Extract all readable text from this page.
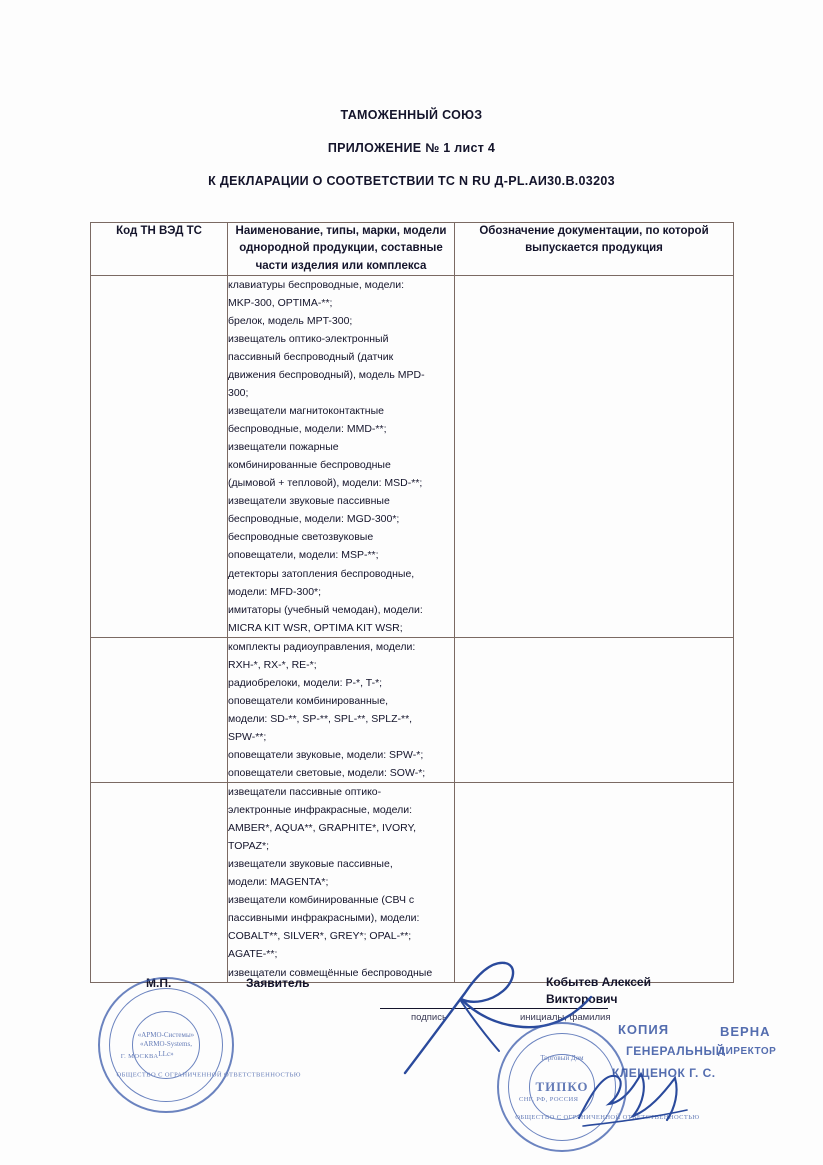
ТАМОЖЕННЫЙ СОЮЗ
ПРИЛОЖЕНИЕ № 1 лист 4
К ДЕКЛАРАЦИИ О СООТВЕТСТВИИ ТС N RU Д-PL.АИ30.В.03203
Код ТН ВЭД ТС	Наименование, типы, марки, модели однородной продукции, составные части изделия или комплекса	Обозначение документации, по которой выпускается продукция

клавиатуры беспроводные, модели:

MKP-300, OPTIMA-**;

брелок, модель MPT-300;

извещатель оптико-электронный

пассивный беспроводный (датчик

движения беспроводный), модель MPD-

300;

извещатели магнитоконтактные

беспроводные, модели: MMD-**;

извещатели пожарные

комбинированные беспроводные

(дымовой + тепловой), модели: MSD-**;

извещатели звуковые пассивные

беспроводные, модели: MGD-300*;

беспроводные светозвуковые

оповещатели, модели: MSP-**;

детекторы затопления беспроводные,

модели: MFD-300*;

имитаторы (учебный чемодан), модели:

MICRA KIT WSR, OPTIMA KIT WSR;

комплекты радиоуправления, модели:

RXH-*, RX-*, RE-*;

радиобрелоки, модели: P-*, T-*;

оповещатели комбинированные,

модели: SD-**, SP-**, SPL-**, SPLZ-**,

SPW-**;

оповещатели звуковые, модели: SPW-*;

оповещатели световые, модели: SOW-*;

извещатели пассивные оптико-

электронные инфракрасные, модели:

AMBER*, AQUA**, GRAPHITE*, IVORY,

TOPAZ*;

извещатели звуковые пассивные,

модели: MAGENTA*;

извещатели комбинированные (СВЧ с

пассивными инфракрасными), модели:

COBALT**, SILVER*, GREY*; OPAL-**;

AGATE-**;

извещатели совмещённые беспроводные

М.П.	Заявитель
подпись	инициалы, фамилия
Кобытев Алексей
Викторович
ОБЩЕСТВО С ОГРАНИЧЕННОЙ ОТВЕТСТВЕННОСТЬЮ
Г. МОСКВА
«АРМО-Системы»
«ARMO-Systems, LLc»
ОБЩЕСТВО С ОГРАНИЧЕННОЙ ОТВЕТСТВЕННОСТЬЮ
СНГ, РФ, РОССИЯ
Торговый Дом
ТИПКО
КОПИЯ	ВЕРНА
ГЕНЕРАЛЬНЫЙ
ДИРЕКТОР
КЛЕЩЕНОК Г. С.
